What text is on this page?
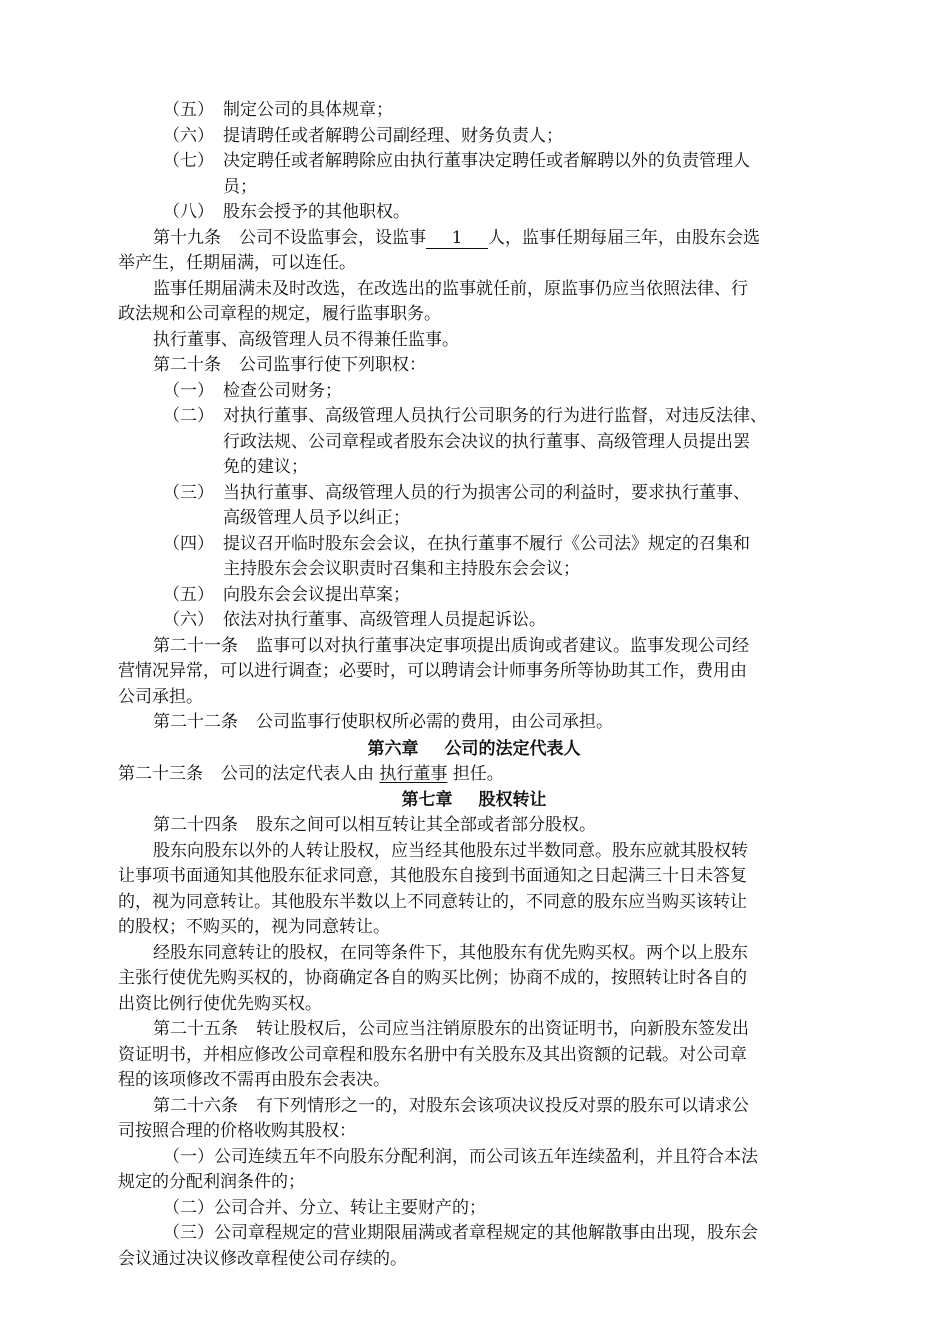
（五） 制定公司的具体规章；
（六） 提请聘任或者解聘公司副经理、财务负责人；
（七） 决定聘任或者解聘除应由执行董事决定聘任或者解聘以外的负责管理人
员；
（八） 股东会授予的其他职权。
第十九条 公司不设监事会，设监事 1 人，监事任期每届三年，由股东会选
举产生，任期届满，可以连任。
监事任期届满未及时改选，在改选出的监事就任前，原监事仍应当依照法律、行
政法规和公司章程的规定，履行监事职务。
执行董事、高级管理人员不得兼任监事。
第二十条 公司监事行使下列职权：
（一） 检查公司财务；
（二） 对执行董事、高级管理人员执行公司职务的行为进行监督，对违反法律、
行政法规、公司章程或者股东会决议的执行董事、高级管理人员提出罢
免的建议；
（三） 当执行董事、高级管理人员的行为损害公司的利益时，要求执行董事、
高级管理人员予以纠正；
（四） 提议召开临时股东会会议，在执行董事不履行《公司法》规定的召集和
主持股东会会议职责时召集和主持股东会会议；
（五） 向股东会会议提出草案；
（六） 依法对执行董事、高级管理人员提起诉讼。
第二十一条 监事可以对执行董事决定事项提出质询或者建议。监事发现公司经
营情况异常，可以进行调查；必要时，可以聘请会计师事务所等协助其工作，费用由
公司承担。
第二十二条 公司监事行使职权所必需的费用，由公司承担。
第六章 公司的法定代表人
第二十三条 公司的法定代表人由 执行董事 担任。
第七章 股权转让
第二十四条 股东之间可以相互转让其全部或者部分股权。
股东向股东以外的人转让股权，应当经其他股东过半数同意。股东应就其股权转
让事项书面通知其他股东征求同意，其他股东自接到书面通知之日起满三十日未答复
的，视为同意转让。其他股东半数以上不同意转让的，不同意的股东应当购买该转让
的股权；不购买的，视为同意转让。
经股东同意转让的股权，在同等条件下，其他股东有优先购买权。两个以上股东
主张行使优先购买权的，协商确定各自的购买比例；协商不成的，按照转让时各自的
出资比例行使优先购买权。
第二十五条 转让股权后，公司应当注销原股东的出资证明书，向新股东签发出
资证明书，并相应修改公司章程和股东名册中有关股东及其出资额的记载。对公司章
程的该项修改不需再由股东会表决。
第二十六条 有下列情形之一的，对股东会该项决议投反对票的股东可以请求公
司按照合理的价格收购其股权：
（一）公司连续五年不向股东分配利润，而公司该五年连续盈利，并且符合本法
规定的分配利润条件的；
（二）公司合并、分立、转让主要财产的；
（三）公司章程规定的营业期限届满或者章程规定的其他解散事由出现，股东会
会议通过决议修改章程使公司存续的。
